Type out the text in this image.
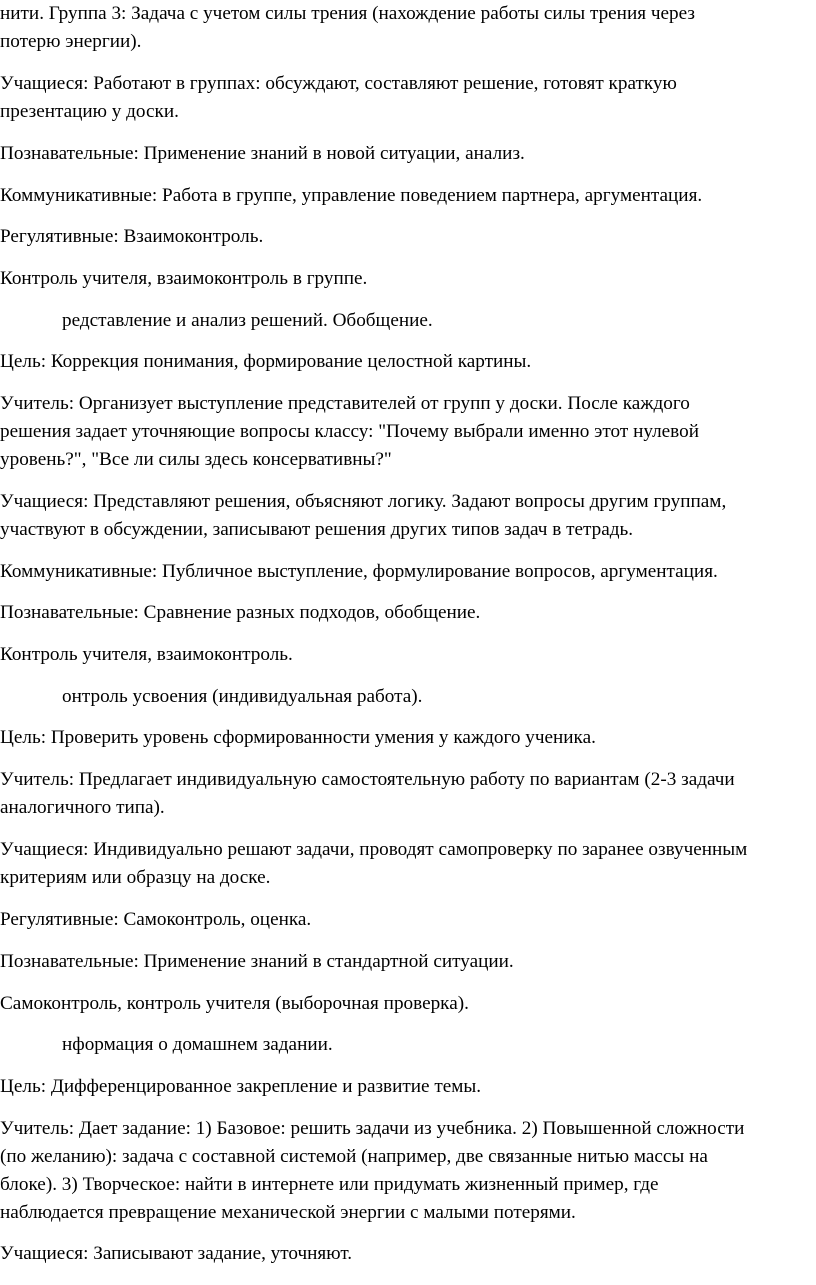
нити. Группа 3: Задача с учетом силы трения (нахождение работы силы трения через
потерю энергии).

Учащиеся: Работают в группах: обсуждают, составляют решение, готовят краткую
презентацию у доски.

Познавательные: Применение знаний в новой ситуации, анализ.

Коммуникативные: Работа в группе, управление поведением партнера, аргументация.

Регулятивные: Взаимоконтроль.

Контроль учителя, взаимоконтроль в группе.

редставление и анализ решений. Обобщение.

Цель: Коррекция понимания, формирование целостной картины.

Учитель: Организует выступление представителей от групп у доски. После каждого
решения задает уточняющие вопросы классу: "Почему выбрали именно этот нулевой
уровень?", "Все ли силы здесь консервативны?"

Учащиеся: Представляют решения, объясняют логику. Задают вопросы другим группам,
участвуют в обсуждении, записывают решения других типов задач в тетрадь.

Коммуникативные: Публичное выступление, формулирование вопросов, аргументация.

Познавательные: Сравнение разных подходов, обобщение.

Контроль учителя, взаимоконтроль.

онтроль усвоения (индивидуальная работа).

Цель: Проверить уровень сформированности умения у каждого ученика.

Учитель: Предлагает индивидуальную самостоятельную работу по вариантам (2-3 задачи
аналогичного типа).

Учащиеся: Индивидуально решают задачи, проводят самопроверку по заранее озвученным
критериям или образцу на доске.

Регулятивные: Самоконтроль, оценка.

Познавательные: Применение знаний в стандартной ситуации.

Самоконтроль, контроль учителя (выборочная проверка).

нформация о домашнем задании.

Цель: Дифференцированное закрепление и развитие темы.

Учитель: Дает задание: 1) Базовое: решить задачи из учебника. 2) Повышенной сложности
(по желанию): задача с составной системой (например, две связанные нитью массы на
блоке). 3) Творческое: найти в интернете или придумать жизненный пример, где
наблюдается превращение механической энергии с малыми потерями.

Учащиеся: Записывают задание, уточняют.
